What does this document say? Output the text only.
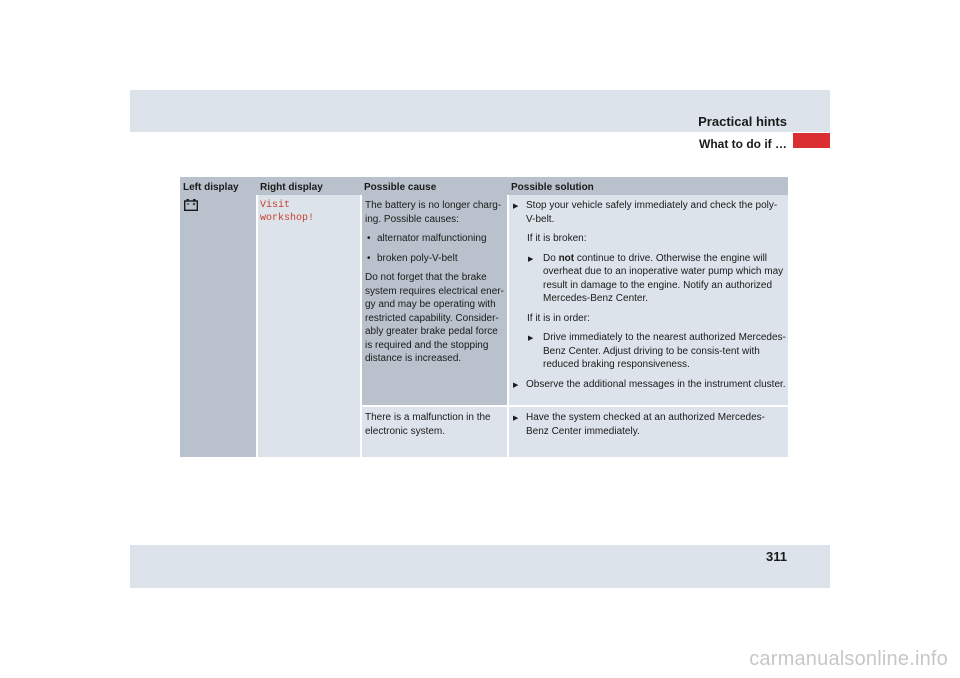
Practical hints
What to do if …
Left display Right display	Possible cause	Possible solution
Visit
workshop!

The battery is no longer charg-ing. Possible causes:

• alternator malfunctioning
• broken poly-V-belt

Do not forget that the brake system requires electrical ener-gy and may be operating with restricted capability. Consider-ably greater brake pedal force is required and the stopping distance is increased.

▶ Stop your vehicle safely immediately and check the poly-V-belt.

If it is broken:

▶ Do not continue to drive. Otherwise the engine will overheat due to an inoperative water pump which may result in damage to the engine. Notify an authorized Mercedes-Benz Center.

If it is in order:

▶ Drive immediately to the nearest authorized Mercedes-Benz Center. Adjust driving to be consis-tent with reduced braking responsiveness.
▶ Observe the additional messages in the instrument cluster.
There is a malfunction in the electronic system.
▶ Have the system checked at an authorized Mercedes-Benz Center immediately.
311
carmanualsonline.info
